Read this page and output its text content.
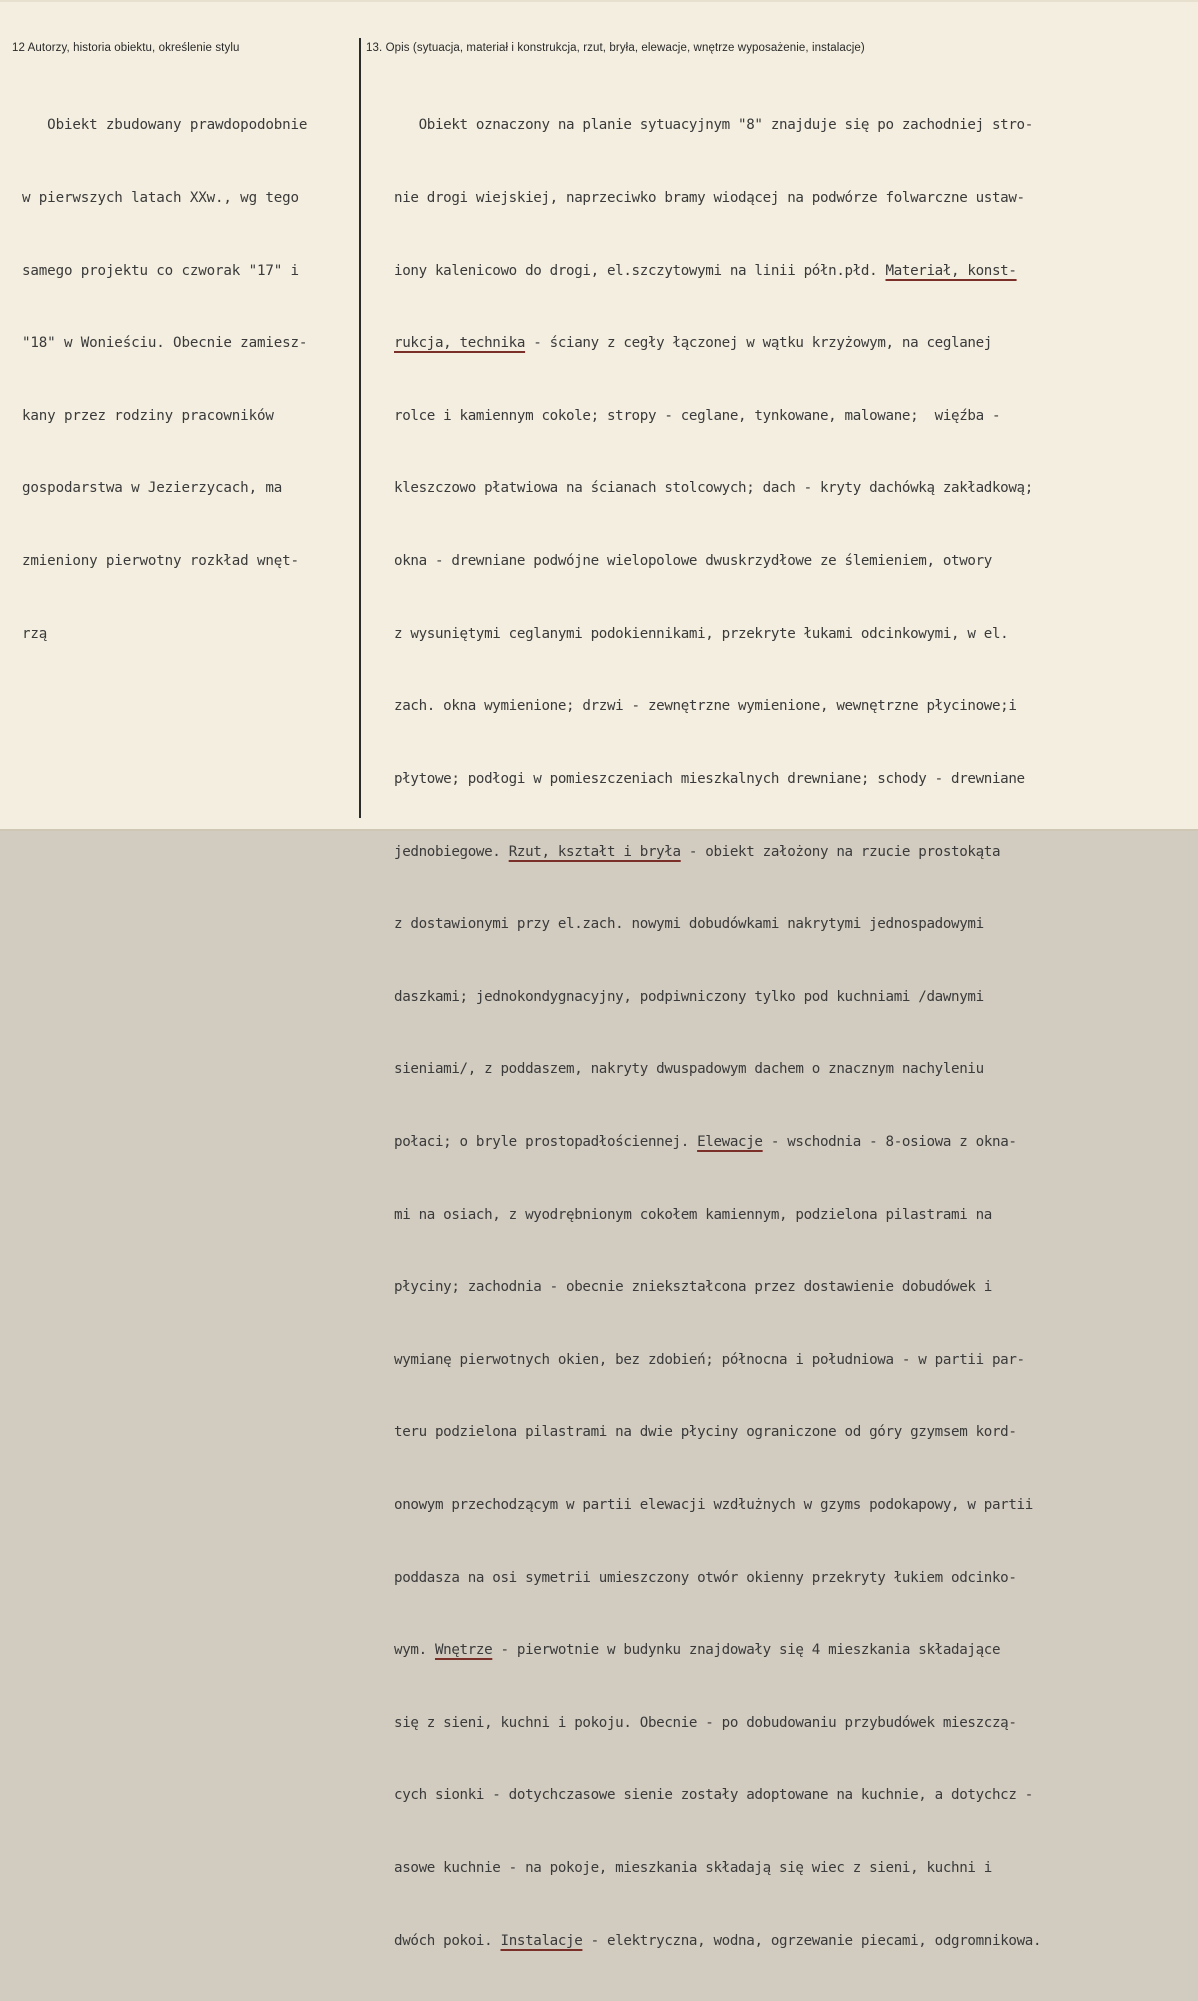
12 Autorzy, historia obiektu, określenie stylu	13. Opis (sytuacja, materiał i konstrukcja, rzut, bryła, elewacje, wnętrze wyposażenie, instalacje)

Obiekt zbudowany prawdopodobnie

w pierwszych latach XXw., wg tego

samego projektu co czworak "17" i

"18" w Wonieściu. Obecnie zamiesz-

kany przez rodziny pracowników

gospodarstwa w Jezierzycach, ma

zmieniony pierwotny rozkład wnęt-

rzą

Obiekt oznaczony na planie sytuacyjnym "8" znajduje się po zachodniej stro-

nie drogi wiejskiej, naprzeciwko bramy wiodącej na podwórze folwarczne ustaw-

iony kalenicowo do drogi, el.szczytowymi na linii półn.płd. Materiał, konst-

rukcja, technika - ściany z cegły łączonej w wątku krzyżowym, na ceglanej

rolce i kamiennym cokole; stropy - ceglane, tynkowane, malowane;  więźba -

kleszczowo płatwiowa na ścianach stolcowych; dach - kryty dachówką zakładkową;

okna - drewniane podwójne wielopolowe dwuskrzydłowe ze ślemieniem, otwory

z wysuniętymi ceglanymi podokiennikami, przekryte łukami odcinkowymi, w el.

zach. okna wymienione; drzwi - zewnętrzne wymienione, wewnętrzne płycinowe;i

płytowe; podłogi w pomieszczeniach mieszkalnych drewniane; schody - drewniane

jednobiegowe. Rzut, kształt i bryła - obiekt założony na rzucie prostokąta

z dostawionymi przy el.zach. nowymi dobudówkami nakrytymi jednospadowymi

daszkami; jednokondygnacyjny, podpiwniczony tylko pod kuchniami /dawnymi

sieniami/, z poddaszem, nakryty dwuspadowym dachem o znacznym nachyleniu

połaci; o bryle prostopadłościennej. Elewacje - wschodnia - 8-osiowa z okna-

mi na osiach, z wyodrębnionym cokołem kamiennym, podzielona pilastrami na

płyciny; zachodnia - obecnie zniekształcona przez dostawienie dobudówek i

wymianę pierwotnych okien, bez zdobień; północna i południowa - w partii par-

teru podzielona pilastrami na dwie płyciny ograniczone od góry gzymsem kord-

onowym przechodzącym w partii elewacji wzdłużnych w gzyms podokapowy, w partii

poddasza na osi symetrii umieszczony otwór okienny przekryty łukiem odcinko-

wym. Wnętrze - pierwotnie w budynku znajdowały się 4 mieszkania składające

się z sieni, kuchni i pokoju. Obecnie - po dobudowaniu przybudówek mieszczą-

cych sionki - dotychczasowe sienie zostały adoptowane na kuchnie, a dotychcz -

asowe kuchnie - na pokoje, mieszkania składają się wiec z sieni, kuchni i

dwóch pokoi. Instalacje - elektryczna, wodna, ogrzewanie piecami, odgromnikowa.
